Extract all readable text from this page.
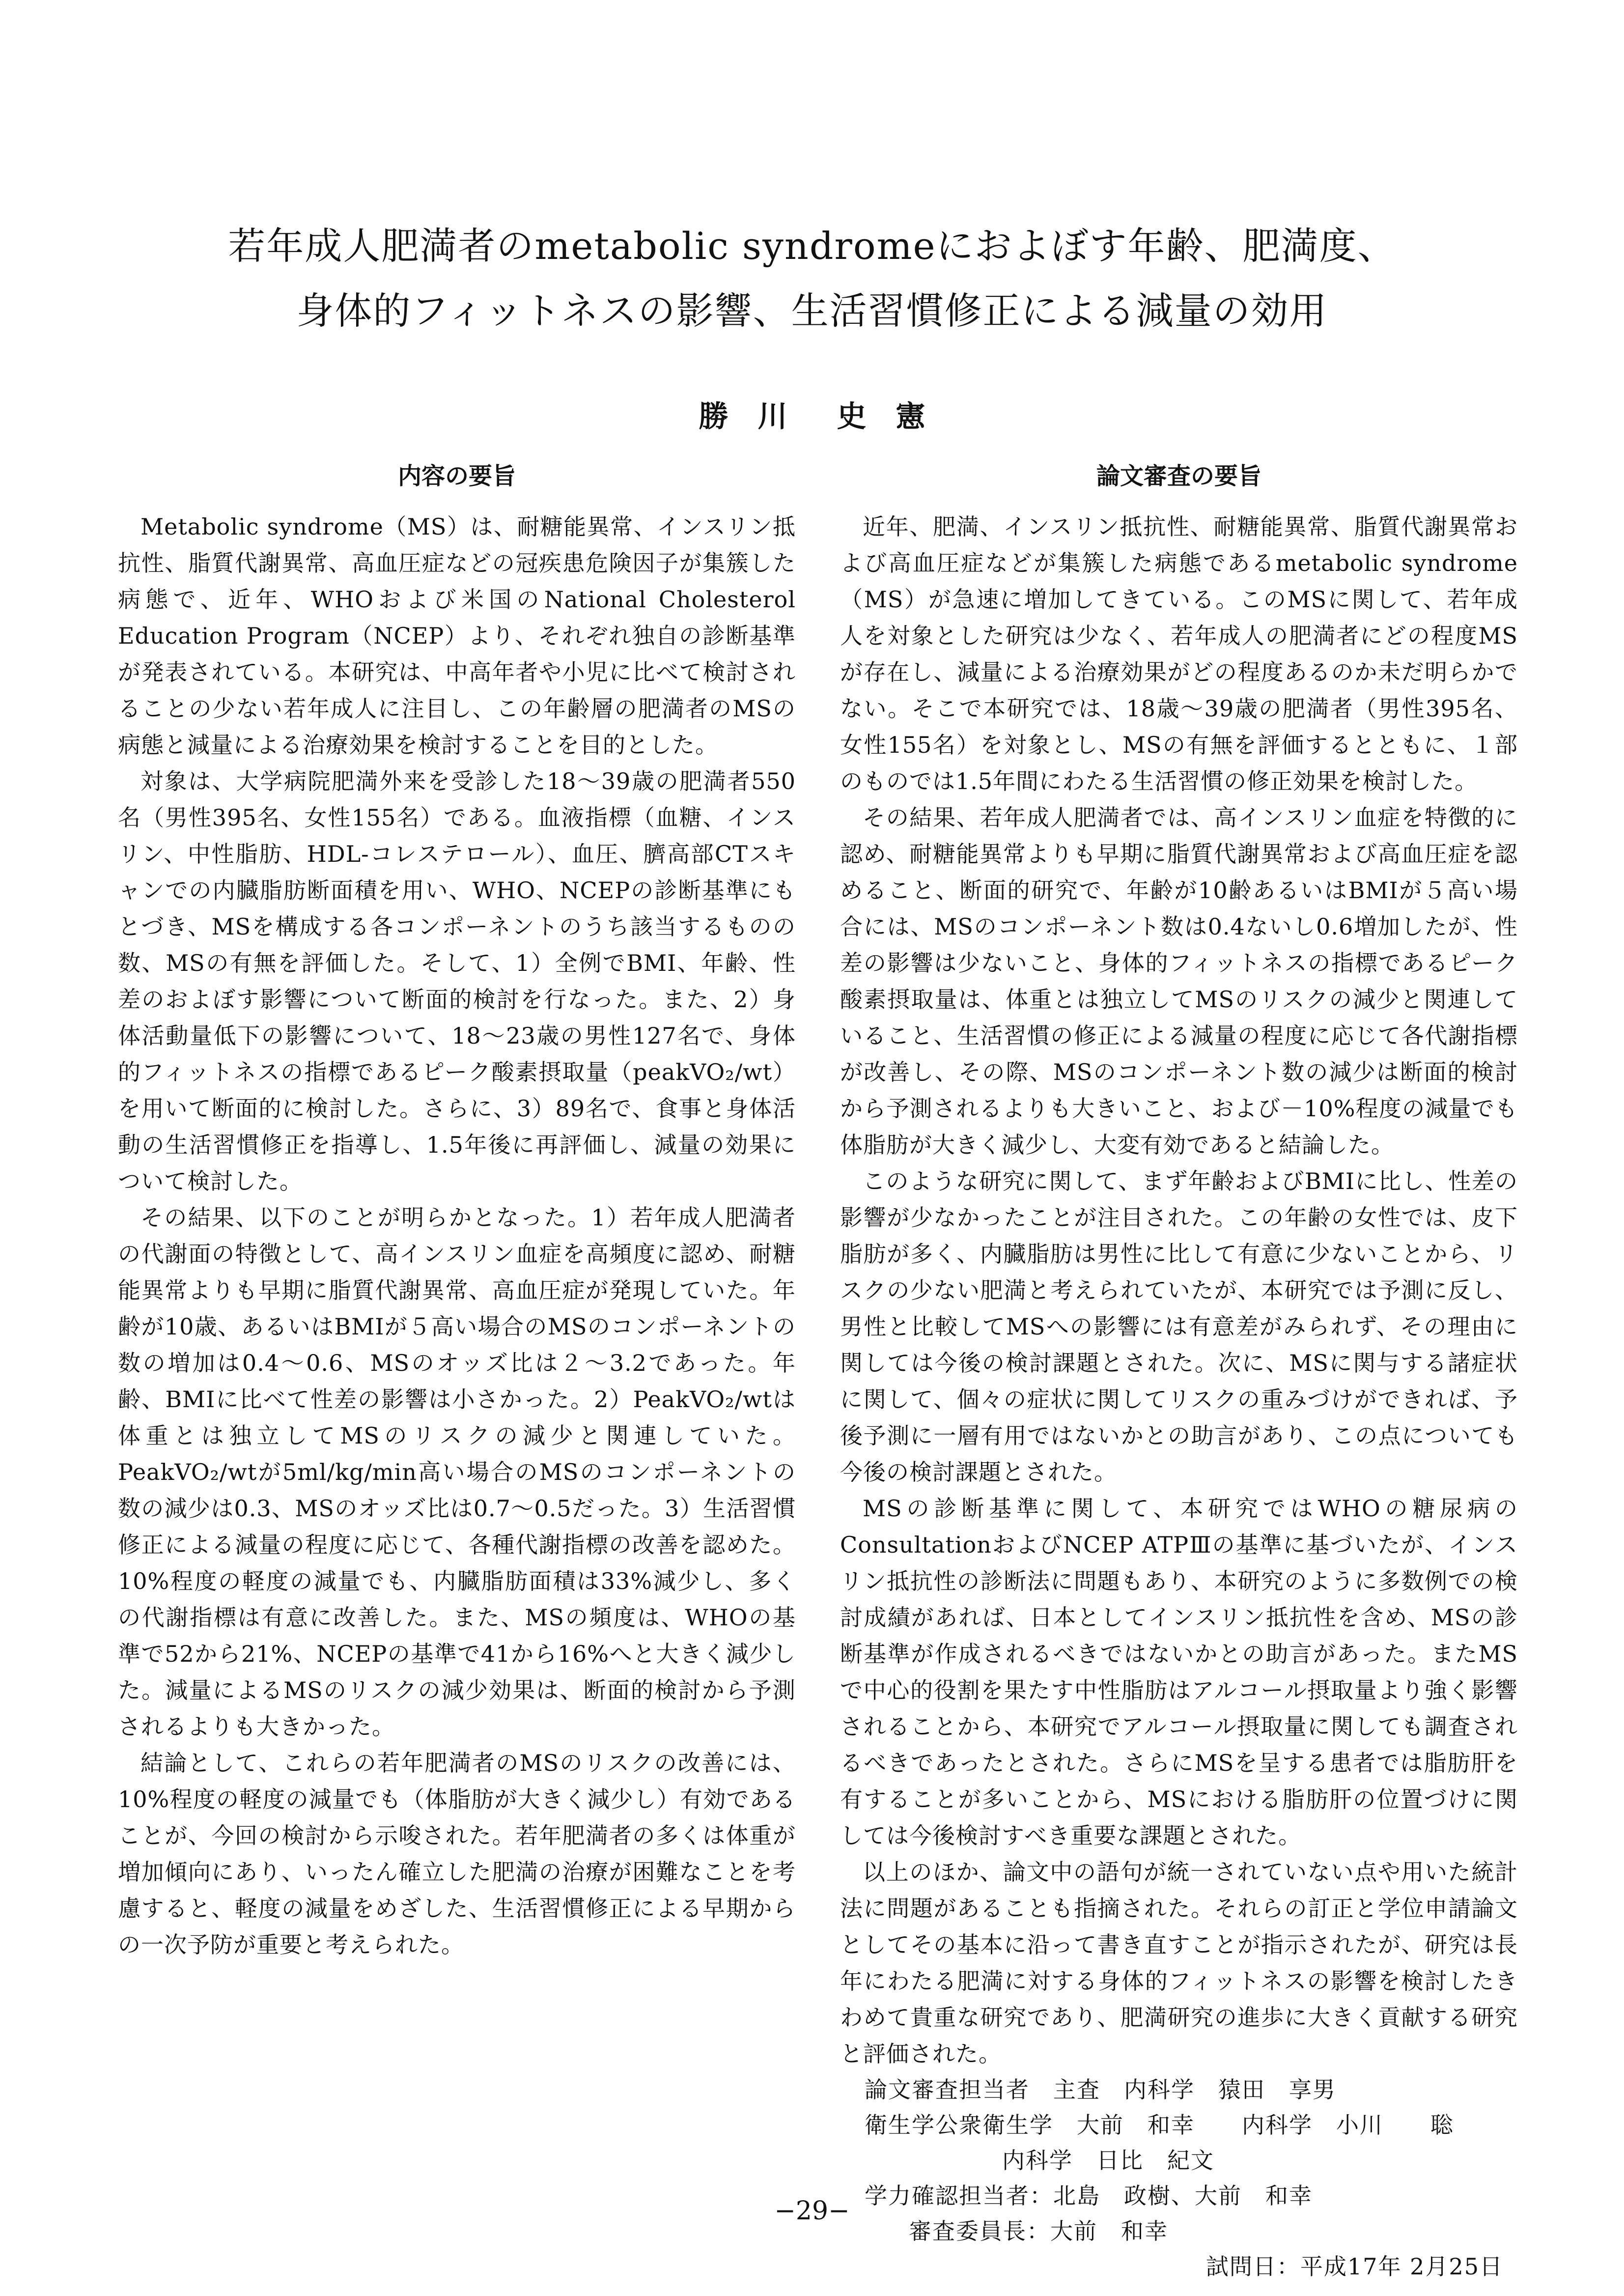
若年成人肥満者のmetabolic syndromeにおよぼす年齢、肥満度、
身体的フィットネスの影響、生活習慣修正による減量の効用
勝　川 史　憲
内容の要旨	論文審査の要旨

Metabolic syndrome（MS）は、耐糖能異常、インスリン抵抗性、脂質代謝異常、高血圧症などの冠疾患危険因子が集簇した病態で、近年、WHOおよび米国のNational Cholesterol Education Program（NCEP）より、それぞれ独自の診断基準が発表されている。本研究は、中高年者や小児に比べて検討されることの少ない若年成人に注目し、この年齢層の肥満者のMSの病態と減量による治療効果を検討することを目的とした。

対象は、大学病院肥満外来を受診した18～39歳の肥満者550名（男性395名、女性155名）である。血液指標（血糖、インスリン、中性脂肪、HDL-コレステロール）、血圧、臍高部CTスキャンでの内臓脂肪断面積を用い、WHO、NCEPの診断基準にもとづき、MSを構成する各コンポーネントのうち該当するものの数、MSの有無を評価した。そして、1）全例でBMI、年齢、性差のおよぼす影響について断面的検討を行なった。また、2）身体活動量低下の影響について、18～23歳の男性127名で、身体的フィットネスの指標であるピーク酸素摂取量（peakVO₂/wt）を用いて断面的に検討した。さらに、3）89名で、食事と身体活動の生活習慣修正を指導し、1.5年後に再評価し、減量の効果について検討した。

その結果、以下のことが明らかとなった。1）若年成人肥満者の代謝面の特徴として、高インスリン血症を高頻度に認め、耐糖能異常よりも早期に脂質代謝異常、高血圧症が発現していた。年齢が10歳、あるいはBMIが５高い場合のMSのコンポーネントの数の増加は0.4～0.6、MSのオッズ比は２～3.2であった。年齢、BMIに比べて性差の影響は小さかった。2）PeakVO₂/wtは体重とは独立してMSのリスクの減少と関連していた。PeakVO₂/wtが5ml/kg/min高い場合のMSのコンポーネントの数の減少は0.3、MSのオッズ比は0.7～0.5だった。3）生活習慣修正による減量の程度に応じて、各種代謝指標の改善を認めた。10%程度の軽度の減量でも、内臓脂肪面積は33%減少し、多くの代謝指標は有意に改善した。また、MSの頻度は、WHOの基準で52から21%、NCEPの基準で41から16%へと大きく減少した。減量によるMSのリスクの減少効果は、断面的検討から予測されるよりも大きかった。

結論として、これらの若年肥満者のMSのリスクの改善には、10%程度の軽度の減量でも（体脂肪が大きく減少し）有効であることが、今回の検討から示唆された。若年肥満者の多くは体重が増加傾向にあり、いったん確立した肥満の治療が困難なことを考慮すると、軽度の減量をめざした、生活習慣修正による早期からの一次予防が重要と考えられた。

近年、肥満、インスリン抵抗性、耐糖能異常、脂質代謝異常および高血圧症などが集簇した病態であるmetabolic syndrome（MS）が急速に増加してきている。このMSに関して、若年成人を対象とした研究は少なく、若年成人の肥満者にどの程度MSが存在し、減量による治療効果がどの程度あるのか未だ明らかでない。そこで本研究では、18歳～39歳の肥満者（男性395名、女性155名）を対象とし、MSの有無を評価するとともに、１部のものでは1.5年間にわたる生活習慣の修正効果を検討した。

その結果、若年成人肥満者では、高インスリン血症を特徴的に認め、耐糖能異常よりも早期に脂質代謝異常および高血圧症を認めること、断面的研究で、年齢が10齢あるいはBMIが５高い場合には、MSのコンポーネント数は0.4ないし0.6増加したが、性差の影響は少ないこと、身体的フィットネスの指標であるピーク酸素摂取量は、体重とは独立してMSのリスクの減少と関連していること、生活習慣の修正による減量の程度に応じて各代謝指標が改善し、その際、MSのコンポーネント数の減少は断面的検討から予測されるよりも大きいこと、および－10%程度の減量でも体脂肪が大きく減少し、大変有効であると結論した。

このような研究に関して、まず年齢およびBMIに比し、性差の影響が少なかったことが注目された。この年齢の女性では、皮下脂肪が多く、内臓脂肪は男性に比して有意に少ないことから、リスクの少ない肥満と考えられていたが、本研究では予測に反し、男性と比較してMSへの影響には有意差がみられず、その理由に関しては今後の検討課題とされた。次に、MSに関与する諸症状に関して、個々の症状に関してリスクの重みづけができれば、予後予測に一層有用ではないかとの助言があり、この点についても今後の検討課題とされた。

MSの診断基準に関して、本研究ではWHOの糖尿病のConsultationおよびNCEP ATPⅢの基準に基づいたが、インスリン抵抗性の診断法に問題もあり、本研究のように多数例での検討成績があれば、日本としてインスリン抵抗性を含め、MSの診断基準が作成されるべきではないかとの助言があった。またMSで中心的役割を果たす中性脂肪はアルコール摂取量より強く影響されることから、本研究でアルコール摂取量に関しても調査されるべきであったとされた。さらにMSを呈する患者では脂肪肝を有することが多いことから、MSにおける脂肪肝の位置づけに関しては今後検討すべき重要な課題とされた。

以上のほか、論文中の語句が統一されていない点や用いた統計法に問題があることも指摘された。それらの訂正と学位申請論文としてその基本に沿って書き直すことが指示されたが、研究は長年にわたる肥満に対する身体的フィットネスの影響を検討したきわめて貴重な研究であり、肥満研究の進歩に大きく貢献する研究と評価された。

論文審査担当者　主査　内科学　猿田　享男
衛生学公衆衛生学　大前　和幸　　内科学　小川　　聡
内科学　日比　紀文
学力確認担当者：北島　政樹、大前　和幸
審査委員長：大前　和幸
試問日：平成17年 2月25日
−29−
